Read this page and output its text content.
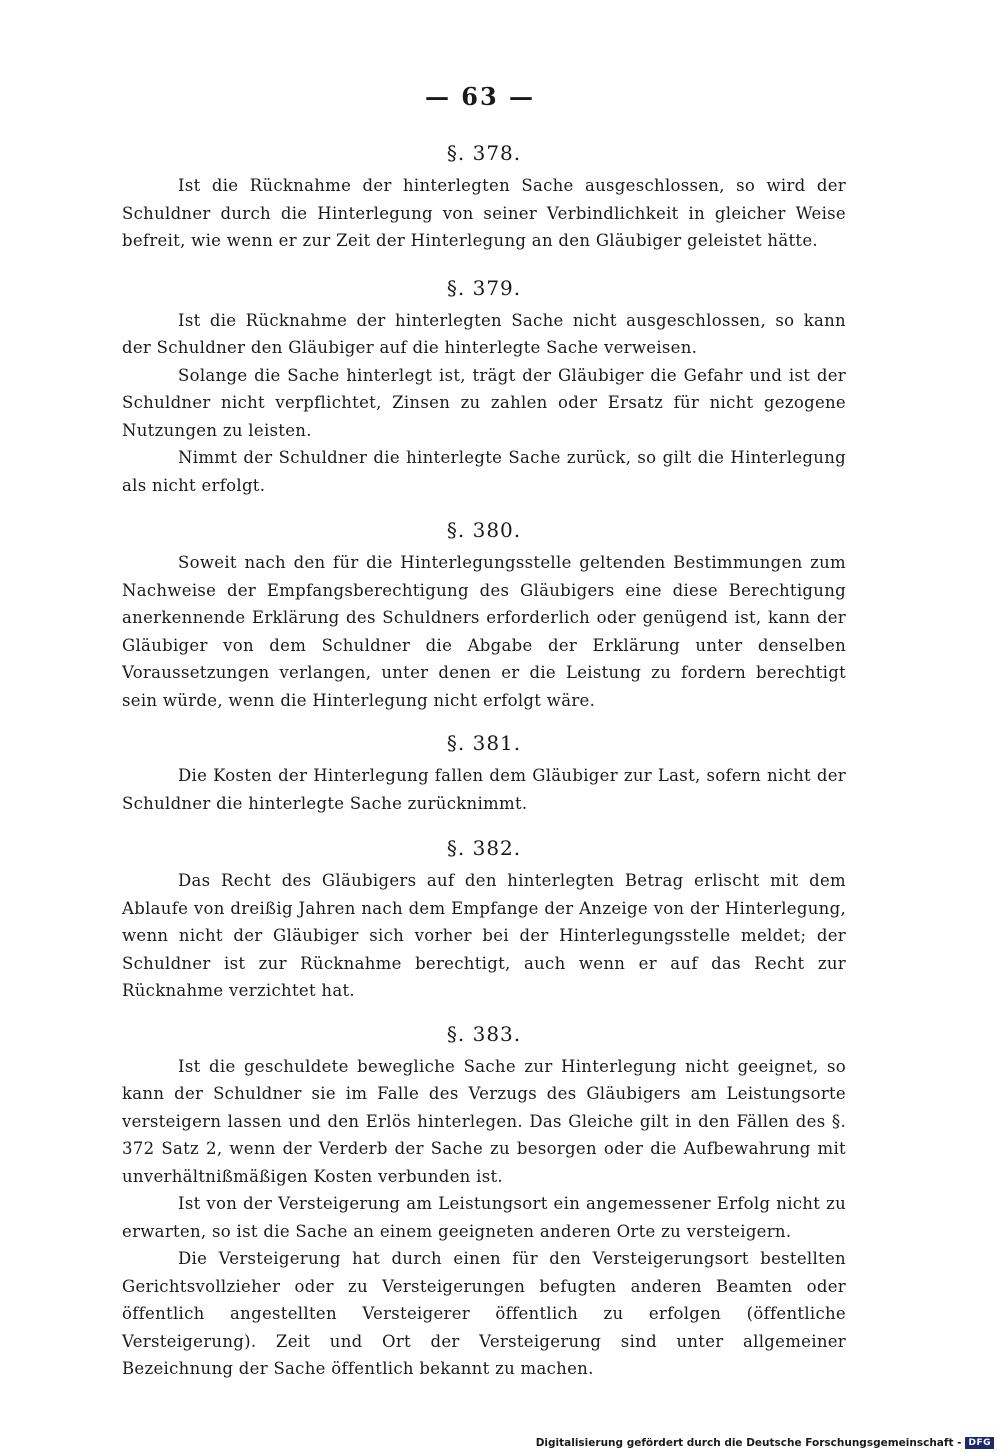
— 63 —
§. 378.

Ist die Rücknahme der hinterlegten Sache ausgeschlossen, so wird der Schuldner durch die Hinterlegung von seiner Verbindlichkeit in gleicher Weise befreit, wie wenn er zur Zeit der Hinterlegung an den Gläubiger geleistet hätte.

§. 379.

Ist die Rücknahme der hinterlegten Sache nicht ausgeschlossen, so kann der Schuldner den Gläubiger auf die hinterlegte Sache verweisen.

Solange die Sache hinterlegt ist, trägt der Gläubiger die Gefahr und ist der Schuldner nicht verpflichtet, Zinsen zu zahlen oder Ersatz für nicht gezogene Nutzungen zu leisten.

Nimmt der Schuldner die hinterlegte Sache zurück, so gilt die Hinterlegung als nicht erfolgt.

§. 380.

Soweit nach den für die Hinterlegungsstelle geltenden Bestimmungen zum Nachweise der Empfangsberechtigung des Gläubigers eine diese Berechtigung anerkennende Erklärung des Schuldners erforderlich oder genügend ist, kann der Gläubiger von dem Schuldner die Abgabe der Erklärung unter denselben Voraussetzungen verlangen, unter denen er die Leistung zu fordern berechtigt sein würde, wenn die Hinterlegung nicht erfolgt wäre.

§. 381.

Die Kosten der Hinterlegung fallen dem Gläubiger zur Last, sofern nicht der Schuldner die hinterlegte Sache zurücknimmt.

§. 382.

Das Recht des Gläubigers auf den hinterlegten Betrag erlischt mit dem Ablaufe von dreißig Jahren nach dem Empfange der Anzeige von der Hinterlegung, wenn nicht der Gläubiger sich vorher bei der Hinterlegungsstelle meldet; der Schuldner ist zur Rücknahme berechtigt, auch wenn er auf das Recht zur Rücknahme verzichtet hat.

§. 383.

Ist die geschuldete bewegliche Sache zur Hinterlegung nicht geeignet, so kann der Schuldner sie im Falle des Verzugs des Gläubigers am Leistungsorte versteigern lassen und den Erlös hinterlegen. Das Gleiche gilt in den Fällen des §. 372 Satz 2, wenn der Verderb der Sache zu besorgen oder die Aufbewahrung mit unverhältnißmäßigen Kosten verbunden ist.

Ist von der Versteigerung am Leistungsort ein angemessener Erfolg nicht zu erwarten, so ist die Sache an einem geeigneten anderen Orte zu versteigern.

Die Versteigerung hat durch einen für den Versteigerungsort bestellten Gerichtsvollzieher oder zu Versteigerungen befugten anderen Beamten oder öffentlich angestellten Versteigerer öffentlich zu erfolgen (öffentliche Versteigerung). Zeit und Ort der Versteigerung sind unter allgemeiner Bezeichnung der Sache öffentlich bekannt zu machen.

Digitalisierung gefördert durch die Deutsche Forschungsgemeinschaft - DFG
